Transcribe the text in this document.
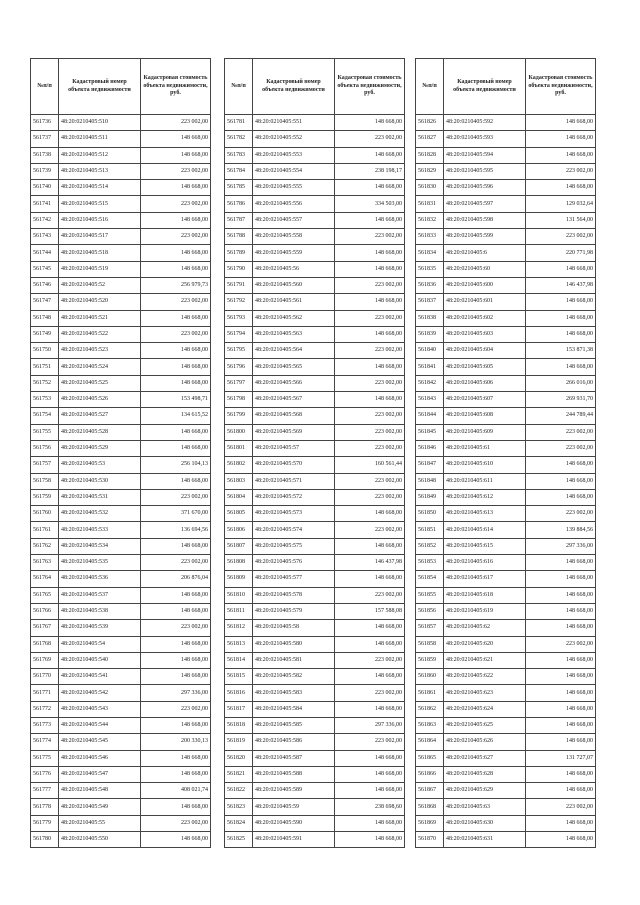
№п/п	Кадастровый номер объекта недвижимости	Кадастровая стоимость объекта недвижимости, руб.
561736	48:20:0210405:510	223 002,00
561737	48:20:0210405:511	148 668,00
561738	48:20:0210405:512	148 668,00
561739	48:20:0210405:513	223 002,00
561740	48:20:0210405:514	148 668,00
561741	48:20:0210405:515	223 002,00
561742	48:20:0210405:516	148 668,00
561743	48:20:0210405:517	223 002,00
561744	48:20:0210405:518	148 668,00
561745	48:20:0210405:519	148 668,00
561746	48:20:0210405:52	256 979,73
561747	48:20:0210405:520	223 002,00
561748	48:20:0210405:521	148 668,00
561749	48:20:0210405:522	223 002,00
561750	48:20:0210405:523	148 668,00
561751	48:20:0210405:524	148 668,00
561752	48:20:0210405:525	148 668,00
561753	48:20:0210405:526	153 498,71
561754	48:20:0210405:527	134 615,52
561755	48:20:0210405:528	148 668,00
561756	48:20:0210405:529	148 668,00
561757	48:20:0210405:53	256 104,13
561758	48:20:0210405:530	148 668,00
561759	48:20:0210405:531	223 002,00
561760	48:20:0210405:532	371 670,00
561761	48:20:0210405:533	136 694,56
561762	48:20:0210405:534	148 668,00
561763	48:20:0210405:535	223 002,00
561764	48:20:0210405:536	206 876,04
561765	48:20:0210405:537	148 668,00
561766	48:20:0210405:538	148 668,00
561767	48:20:0210405:539	223 002,00
561768	48:20:0210405:54	148 668,00
561769	48:20:0210405:540	148 668,00
561770	48:20:0210405:541	148 668,00
561771	48:20:0210405:542	297 336,00
561772	48:20:0210405:543	223 002,00
561773	48:20:0210405:544	148 668,00
561774	48:20:0210405:545	200 330,13
561775	48:20:0210405:546	148 668,00
561776	48:20:0210405:547	148 668,00
561777	48:20:0210405:548	408 021,74
561778	48:20:0210405:549	148 668,00
561779	48:20:0210405:55	223 002,00
561780	48:20:0210405:550	148 668,00
№п/п	Кадастровый номер объекта недвижимости	Кадастровая стоимость объекта недвижимости, руб.
561781	48:20:0210405:551	148 668,00
561782	48:20:0210405:552	223 002,00
561783	48:20:0210405:553	148 668,00
561784	48:20:0210405:554	238 198,17
561785	48:20:0210405:555	148 668,00
561786	48:20:0210405:556	334 503,00
561787	48:20:0210405:557	148 668,00
561788	48:20:0210405:558	223 002,00
561789	48:20:0210405:559	148 668,00
561790	48:20:0210405:56	148 668,00
561791	48:20:0210405:560	223 002,00
561792	48:20:0210405:561	148 668,00
561793	48:20:0210405:562	223 002,00
561794	48:20:0210405:563	148 668,00
561795	48:20:0210405:564	223 002,00
561796	48:20:0210405:565	148 668,00
561797	48:20:0210405:566	223 002,00
561798	48:20:0210405:567	148 668,00
561799	48:20:0210405:568	223 002,00
561800	48:20:0210405:569	223 002,00
561801	48:20:0210405:57	223 002,00
561802	48:20:0210405:570	160 561,44
561803	48:20:0210405:571	223 002,00
561804	48:20:0210405:572	223 002,00
561805	48:20:0210405:573	148 668,00
561806	48:20:0210405:574	223 002,00
561807	48:20:0210405:575	148 668,00
561808	48:20:0210405:576	146 437,98
561809	48:20:0210405:577	148 668,00
561810	48:20:0210405:578	223 002,00
561811	48:20:0210405:579	157 588,08
561812	48:20:0210405:58	148 668,00
561813	48:20:0210405:580	148 668,00
561814	48:20:0210405:581	223 002,00
561815	48:20:0210405:582	148 668,00
561816	48:20:0210405:583	223 002,00
561817	48:20:0210405:584	148 668,00
561818	48:20:0210405:585	297 336,00
561819	48:20:0210405:586	223 002,00
561820	48:20:0210405:587	148 668,00
561821	48:20:0210405:588	148 668,00
561822	48:20:0210405:589	148 668,00
561823	48:20:0210405:59	238 698,60
561824	48:20:0210405:590	148 668,00
561825	48:20:0210405:591	148 668,00
№п/п	Кадастровый номер объекта недвижимости	Кадастровая стоимость объекта недвижимости, руб.
561826	48:20:0210405:592	148 668,00
561827	48:20:0210405:593	148 668,00
561828	48:20:0210405:594	148 668,00
561829	48:20:0210405:595	223 002,00
561830	48:20:0210405:596	148 668,00
561831	48:20:0210405:597	129 032,64
561832	48:20:0210405:598	131 564,00
561833	48:20:0210405:599	223 002,00
561834	48:20:0210405:6	220 771,98
561835	48:20:0210405:60	148 668,00
561836	48:20:0210405:600	146 437,98
561837	48:20:0210405:601	148 668,00
561838	48:20:0210405:602	148 668,00
561839	48:20:0210405:603	148 668,00
561840	48:20:0210405:604	153 871,38
561841	48:20:0210405:605	148 668,00
561842	48:20:0210405:606	266 016,00
561843	48:20:0210405:607	269 931,70
561844	48:20:0210405:608	244 789,44
561845	48:20:0210405:609	223 002,00
561846	48:20:0210405:61	223 002,00
561847	48:20:0210405:610	148 668,00
561848	48:20:0210405:611	148 668,00
561849	48:20:0210405:612	148 668,00
561850	48:20:0210405:613	223 002,00
561851	48:20:0210405:614	139 884,56
561852	48:20:0210405:615	297 336,00
561853	48:20:0210405:616	148 668,00
561854	48:20:0210405:617	148 668,00
561855	48:20:0210405:618	148 668,00
561856	48:20:0210405:619	148 668,00
561857	48:20:0210405:62	148 668,00
561858	48:20:0210405:620	223 002,00
561859	48:20:0210405:621	148 668,00
561860	48:20:0210405:622	148 668,00
561861	48:20:0210405:623	148 668,00
561862	48:20:0210405:624	148 668,00
561863	48:20:0210405:625	148 668,00
561864	48:20:0210405:626	148 668,00
561865	48:20:0210405:627	131 727,07
561866	48:20:0210405:628	148 668,00
561867	48:20:0210405:629	148 668,00
561868	48:20:0210405:63	223 002,00
561869	48:20:0210405:630	148 668,00
561870	48:20:0210405:631	148 668,00
